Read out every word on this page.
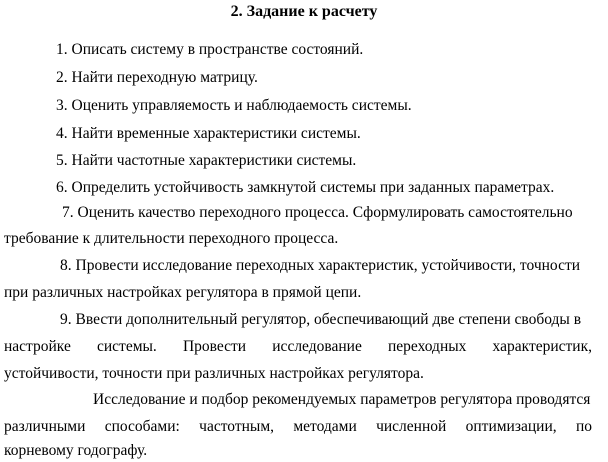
2. Задание к расчету
1. Описать систему в пространстве состояний.
2. Найти переходную матрицу.
3. Оценить управляемость и наблюдаемость системы.
4. Найти временные характеристики системы.
5. Найти частотные характеристики системы.
6. Определить устойчивость замкнутой системы при заданных параметрах.
7. Оценить качество переходного процесса. Сформулировать самостоятельно
требование к длительности переходного процесса.
8. Провести исследование переходных характеристик, устойчивости, точности
при различных настройках регулятора в прямой цепи.
9. Ввести дополнительный регулятор, обеспечивающий две степени свободы в
настройке системы. Провести исследование переходных характеристик,
устойчивости, точности при различных настройках регулятора.
Исследование и подбор рекомендуемых параметров регулятора проводятся
различными способами: частотным, методами численной оптимизации, по
корневому годографу.
